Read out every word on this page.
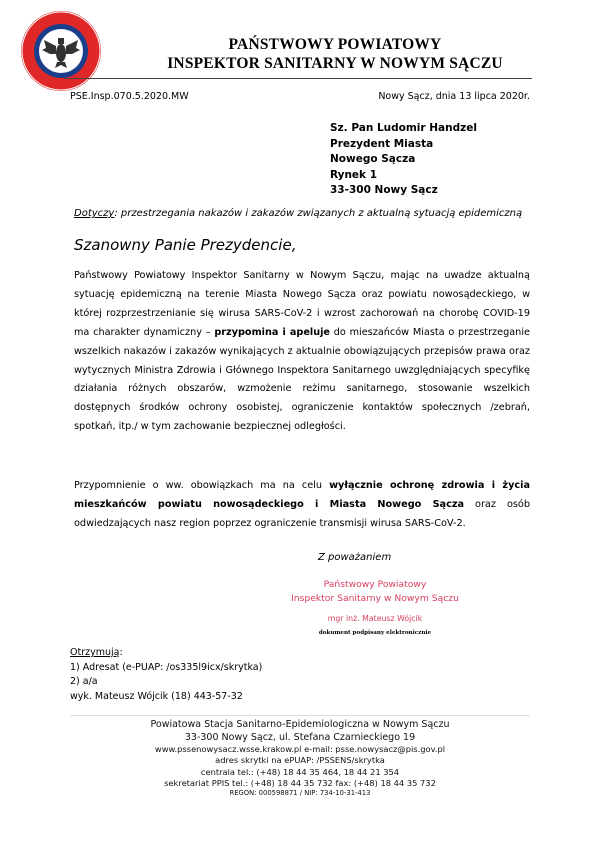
PAŃSTWOWY POWIATOWY
INSPEKTOR SANITARNY W NOWYM SĄCZU
PSE.Insp.070.5.2020.MW	Nowy Sącz, dnia 13 lipca 2020r.
Sz. Pan Ludomir Handzel
Prezydent Miasta
Nowego Sącza
Rynek 1
33-300 Nowy Sącz
Dotyczy: przestrzegania nakazów i zakazów związanych z aktualną sytuacją epidemiczną
Szanowny Panie Prezydencie,
Państwowy Powiatowy Inspektor Sanitarny w Nowym Sączu, mając na uwadze aktualną sytuację epidemiczną na terenie Miasta Nowego Sącza oraz powiatu nowosądeckiego, w której rozprzestrzenianie się wirusa SARS-CoV-2 i wzrost zachorowań na chorobę COVID-19 ma charakter dynamiczny – przypomina i apeluje do mieszańców Miasta o przestrzeganie wszelkich nakazów i zakazów wynikających z aktualnie obowiązujących przepisów prawa oraz wytycznych Ministra Zdrowia i Głównego Inspektora Sanitarnego uwzględniających specyfikę działania różnych obszarów, wzmożenie reżimu sanitarnego, stosowanie wszelkich dostępnych środków ochrony osobistej, ograniczenie kontaktów społecznych /zebrań, spotkań, itp./ w tym zachowanie bezpiecznej odległości.
Przypomnienie o ww. obowiązkach ma na celu wyłącznie ochronę zdrowia i życia mieszkańców powiatu nowosądeckiego i Miasta Nowego Sącza oraz osób odwiedzających nasz region poprzez ograniczenie transmisji wirusa SARS-CoV-2.
Z poważaniem
Państwowy Powiatowy
Inspektor Sanitarny w Nowym Sączu
mgr inż. Mateusz Wójcik
dokument podpisany elektronicznie
Otrzymują:
1) Adresat (e-PUAP: /os335l9icx/skrytka)
2) a/a
wyk. Mateusz Wójcik (18) 443-57-32
Powiatowa Stacja Sanitarno-Epidemiologiczna w Nowym Sączu
33-300 Nowy Sącz, ul. Stefana Czarnieckiego 19
www.pssenowysacz.wsse.krakow.pl e-mail: psse.nowysacz@pis.gov.pl
adres skrytki na ePUAP: /PSSENS/skrytka
centrala tel.: (+48) 18 44 35 464, 18 44 21 354
sekretariat PPIS tel.: (+48) 18 44 35 732 fax: (+48) 18 44 35 732
REGON: 000598871 / NIP: 734-10-31-413
